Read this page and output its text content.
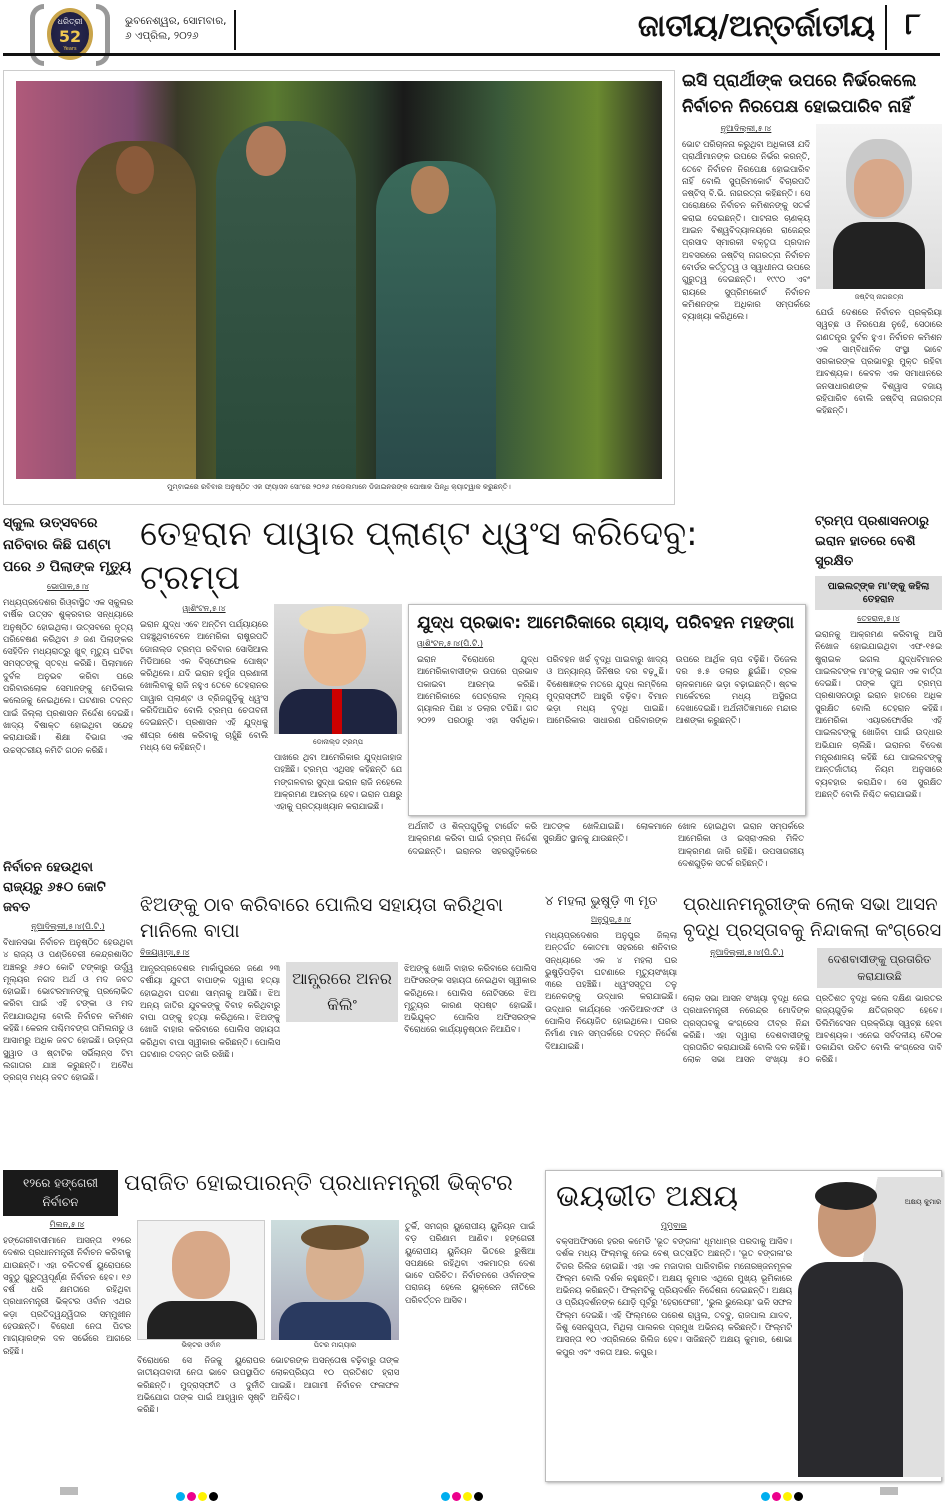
ଧରିତ୍ରୀ
52
Years
ଭୁବନେଶ୍ୱର, ସୋମବାର,
୬ ଏପ୍ରିଲ, ୨୦୨୬	ଜାତୀୟ/ଅନ୍ତର୍ଜାତୀୟ ୮
ମୁମ୍ବାଇରେ ରବିବାର ଅନୁଷ୍ଠିତ ଏକ ଫ୍ୟାସନ ସୋ'ରେ ୨୦୨୬ ମଡେଲମାନେ ଡିଜାଇନରଙ୍କ ପୋଷାକ ପିନ୍ଧି କ୍ୟାଟ୍‌ୱାକ କରୁଛନ୍ତି।
ଇସି ପ୍ରାର୍ଥୀଙ୍କ ଉପରେ ନିର୍ଭରକଲେ
ନିର୍ବାଚନ ନିରପେକ୍ଷ ହୋଇପାରିବ ନାହିଁ
ନୂଆଦିଲ୍ଲୀ,୫।୪
ଭୋଟ ପରିଚାଳନା କରୁଥିବା ଅଧିକାରୀ ଯଦି ପ୍ରାର୍ଥୀମାନଙ୍କ ଉପରେ ନିର୍ଭର କରନ୍ତି, ତେବେ ନିର୍ବାଚନ ନିରପେକ୍ଷ ହୋଇପାରିବ ନାହିଁ ବୋଲି ସୁପ୍ରିମକୋର୍ଟ ବିଚାରପତି ଜଷ୍ଟିସ୍ ବି.ଭି. ନାଗରତ୍ନା କହିଛନ୍ତି। ସେ ପରୋକ୍ଷରେ ନିର୍ବାଚନ କମିଶନଙ୍କୁ ସତର୍କ କରାଇ ଦେଇଛନ୍ତି। ପାଟନାର ଚାଣକ୍ୟ ଆଇନ ବିଶ୍ୱବିଦ୍ୟାଳୟରେ ରାଜେନ୍ଦ୍ର ପ୍ରସାଦ ସ୍ମାରକୀ ବକ୍ତୃତା ପ୍ରଦାନ ଅବସରରେ ଜଷ୍ଟିସ୍ ନାଗରତ୍ନା ନିର୍ବାଚନ ବୋର୍ଡର କର୍ତ୍ତୃତ୍ୱ ଓ ସ୍ୱାଧୀନତା ଉପରେ ଗୁରୁତ୍ୱ ଦେଇଛନ୍ତି। ୧୯୯୦ ଏବଂ ରାୟରେ ସୁପ୍ରିମକୋର୍ଟ ନିର୍ବାଚନ କମିଶନଙ୍କ ଅଧିକାର ସମ୍ପର୍କରେ ବ୍ୟାଖ୍ୟା କରିଥିଲେ।
ଜଷ୍ଟିସ୍ ନାଗରତ୍ନା
ଯେଉଁ ଦେଶରେ ନିର୍ବାଚନ ପ୍ରକ୍ରିୟା ସ୍ୱଚ୍ଛ ଓ ନିରପେକ୍ଷ ନୁହେଁ, ସେଠାରେ ଗଣତନ୍ତ୍ର ଦୁର୍ବଳ ହୁଏ। ନିର୍ବାଚନ କମିଶନ ଏକ ସାମ୍ବିଧାନିକ ସଂସ୍ଥା ଭାବେ ସରକାରଙ୍କ ପ୍ରଭାବରୁ ମୁକ୍ତ ରହିବା ଆବଶ୍ୟକ। କେବଳ ଏକ ସମାଧାନରେ ଜନସାଧାରଣଙ୍କ ବିଶ୍ୱାସ ବଜାୟ ରହିପାରିବ ବୋଲି ଜଷ୍ଟିସ୍ ନାଗରତ୍ନା କହିଛନ୍ତି।
ସ୍କୁଲ ଉତ୍ସବରେ ନାଚିବାର କିଛି ଘଣ୍ଟା ପରେ ୬ ପିଲାଙ୍କ ମୃତ୍ୟୁ
ଭୋପାଳ,୫।୪
ମଧ୍ୟପ୍ରଦେଶର ରିଓ୍ବାସ୍ଥିତ ଏକ ସ୍କୁଲର ବାର୍ଷିକ ଉତ୍ସବ ଶୁକ୍ରବାର ସନ୍ଧ୍ୟାରେ ଅନୁଷ୍ଠିତ ହୋଇଥିଲା। ଉତ୍ସବରେ ନୃତ୍ୟ ପରିବେଷଣ କରିଥିବା ୬ ଜଣ ପିଲାଙ୍କର ସେହିଦିନ ମଧ୍ୟରାତ୍ରୁ ଖୁବ୍ ମୃତ୍ୟୁ ଘଟିବା ସମସ୍ତଙ୍କୁ ସ୍ତବ୍ଧ କରିଛି। ପିଲାମାନେ ଦୁର୍ବଳ ଅନୁଭବ କରିବା ପରେ ପରିବାରଲୋକ ସେମାନଙ୍କୁ ମେଡିକାଲ କଲେଜକୁ ନେଇଥିଲେ। ଘଟଣାର ତଦନ୍ତ ପାଇଁ ଜିଲ୍ଲା ପ୍ରଶାସନ ନିର୍ଦ୍ଦେଶ ଦେଇଛି। ଖାଦ୍ୟ ବିଷାକ୍ତ ହୋଇଥିବା ସନ୍ଦେହ କରାଯାଉଛି। ଶିକ୍ଷା ବିଭାଗ ଏକ ଉଚ୍ଚସ୍ତରୀୟ କମିଟି ଗଠନ କରିଛି।
ତେହରାନ ପାୱାର ପ୍ଲାଣ୍ଟ ଧ୍ୱଂସ କରିଦେବୁ: ଟ୍ରମ୍ପ
ୱାଶିଂଟନ,୫।୪
ଇରାନ ଯୁଦ୍ଧ ଏବେ ଅନ୍ତିମ ପର୍ଯ୍ୟାୟରେ ପହଞ୍ଚୁଥିବାବେଳେ ଆମେରିକା ରାଷ୍ଟ୍ରପତି ଡୋନାଲ୍ଡ ଟ୍ରମ୍ପ ରବିବାର ସୋସିଆଲ ମିଡିଆରେ ଏକ ବିସ୍ଫୋରକ ପୋଷ୍ଟ କରିଥିଲେ। ଯଦି ଇରାନ ହର୍ମୁଜ ପ୍ରଣାଳୀ ଖୋଲିବାକୁ ରାଜି ନହୁଏ ତେବେ ତେହରାନର ପାୱାର ପ୍ଲାଣ୍ଟ ଓ ବ୍ରିଜଗୁଡ଼ିକୁ ଧ୍ୱଂସ କରିଦିଆଯିବ ବୋଲି ଟ୍ରମ୍ପ ଚେତାବନୀ ଦେଇଛନ୍ତି। ପ୍ରଶାସନ ଏହି ଯୁଦ୍ଧକୁ ଶୀଘ୍ର ଶେଷ କରିବାକୁ ଚାହୁଁଛି ବୋଲି ମଧ୍ୟ ସେ କହିଛନ୍ତି।	ଡୋନାଲ୍ଡ ଟ୍ରମ୍ପ
ପାଖରେ ଥିବା ଆମେରିକାର ଯୁଦ୍ଧଜାହାଜ ପହଞ୍ଚିଛି। ଟ୍ରମ୍ପ ଏଥିସହ କହିଛନ୍ତି ଯେ ମଙ୍ଗଳବାର ସୁଦ୍ଧା ଇରାନ ରାଜି ନହେଲେ ଆକ୍ରମଣ ଆରମ୍ଭ ହେବ। ଇରାନ ପକ୍ଷରୁ ଏହାକୁ ପ୍ରତ୍ୟାଖ୍ୟାନ କରାଯାଇଛି।
ଯୁଦ୍ଧ ପ୍ରଭାବ: ଆମେରିକାରେ ଗ୍ୟାସ୍, ପରିବହନ ମହଙ୍ଗା
ୱାଶିଂଟନ,୫।୪(ପି.ଟି.)
ଇରାନ ବିରୋଧରେ ଯୁଦ୍ଧ ଆମେରିକାବାସୀଙ୍କ ଉପରେ ପ୍ରଭାବ ପକାଇବା ଆରମ୍ଭ କରିଛି। ଆମେରିକାରେ ପେଟ୍ରୋଲ ମୂଲ୍ୟ ଗ୍ୟାଲନ ପିଛା ୪ ଡଲାର ଟପିଛି। ଗତ ୨୦୨୨ ପରଠାରୁ ଏହା ସର୍ବାଧିକ। ପରିବହନ ଖର୍ଚ୍ଚ ବୃଦ୍ଧି ପାଇବାରୁ ଖାଦ୍ୟ ଓ ଅନ୍ୟାନ୍ୟ ଜିନିଷର ଦର ବଢ଼ୁଛି। ବିଶେଷଜ୍ଞଙ୍କ ମତରେ ଯୁଦ୍ଧ ଲମ୍ବିଲେ ମୁଦ୍ରାସ୍ଫୀତି ଆହୁରି ବଢ଼ିବ। ବିମାନ ଭଡ଼ା ମଧ୍ୟ ବୃଦ୍ଧି ପାଇଛି। ଆମେରିକାର ସାଧାରଣ ପରିବାରଙ୍କ ଉପରେ ଆର୍ଥିକ ଚାପ ବଢ଼ିଛି। ଡିଜେଲ ଦର ୫.୫ ଡଲାର ଛୁଇଁଛି। ଟ୍ରକ ଚାଳକମାନେ ଭଡ଼ା ବଢ଼ାଇଛନ୍ତି। ଷ୍ଟକ ମାର୍କେଟରେ ମଧ୍ୟ ଅସ୍ଥିରତା ଦେଖାଦେଇଛି। ଅର୍ଥନୀତିଜ୍ଞମାନେ ମନ୍ଦାର ଆଶଙ୍କା କରୁଛନ୍ତି।
ଅର୍ଥନୀତି ଓ ଶିଳ୍ପଗୁଡ଼ିକୁ ଟାର୍ଗେଟ କରି ଆକ୍ରମଣ କରିବା ପାଇଁ ଟ୍ରମ୍ପ ନିର୍ଦ୍ଦେଶ ଦେଇଛନ୍ତି। ଇରାନର ସହରଗୁଡ଼ିକରେ ଆତଙ୍କ ଖେଳିଯାଇଛି। ଲୋକମାନେ ସୁରକ୍ଷିତ ସ୍ଥାନକୁ ଯାଉଛନ୍ତି।
ଖୋଳ ହୋଇଥିବା ଇରାନ ସମ୍ପର୍କରେ ଆମେରିକା ଓ ଇସ୍ରାଏଲର ମିଳିତ ଆକ୍ରମଣ ଜାରି ରହିଛି। ଉପସାଗରୀୟ ଦେଶଗୁଡ଼ିକ ସତର୍କ ରହିଛନ୍ତି।
ଟ୍ରମ୍ପ ପ୍ରଶାସନଠାରୁ ଇରାନ ହାତରେ ବେଶି ସୁରକ୍ଷିତ
ପାଇଲଟ୍‌ଙ୍କ ମା'ଙ୍କୁ କହିଲା ତେହରାନ
ତେହରାନ,୫।୪
ଇରାନକୁ ଆକ୍ରମଣ କରିବାକୁ ଆସି ନିଖୋଜ ହୋଇଯାଇଥିବା ଏଫ-୧୫ଇ ଷ୍ଟ୍ରାଇକ ଇଗଲ ଯୁଦ୍ଧବିମାନର ପାଇଲଟଙ୍କ ମା'ଙ୍କୁ ଇରାନ ଏକ ବାର୍ତ୍ତା ଦେଇଛି। ତାଙ୍କ ପୁଅ ଟ୍ରମ୍ପ ପ୍ରଶାସନଠାରୁ ଇରାନ ହାତରେ ଅଧିକ ସୁରକ୍ଷିତ ବୋଲି ତେହରାନ କହିଛି। ଆମେରିକା ଏୟାରଫୋର୍ସର ଏହି ପାଇଲଟଙ୍କୁ ଖୋଜିବା ପାଇଁ ଉଦ୍ଧାର ଅଭିଯାନ ଚାଲିଛି। ଇରାନର ବିଦେଶ ମନ୍ତ୍ରଣାଳୟ କହିଛି ଯେ ପାଇଲଟଙ୍କୁ ଆନ୍ତର୍ଜାତୀୟ ନିୟମ ଅନୁସାରେ ବ୍ୟବହାର କରାଯିବ। ସେ ସୁରକ୍ଷିତ ଅଛନ୍ତି ବୋଲି ନିଶ୍ଚିତ କରାଯାଇଛି।
ନିର୍ବାଚନ ହେଉଥିବା ରାଜ୍ୟରୁ ୬୫୦ କୋଟି ଜବତ
ନୂଆଦିଲ୍ଲୀ,୫।୪(ପି.ଟି.)
ବିଧାନସଭା ନିର୍ବାଚନ ଅନୁଷ୍ଠିତ ହେଉଥିବା ୪ ରାଜ୍ୟ ଓ ପଣ୍ଡିଚେରୀ କେନ୍ଦ୍ରଶାସିତ ଅଞ୍ଚଳରୁ ୬୫୦ କୋଟି ଟଙ୍କାରୁ ଉର୍ଦ୍ଧ୍ୱ ମୂଲ୍ୟର ନଗଦ ଅର୍ଥ ଓ ମଦ ଜବତ ହୋଇଛି। ଭୋଟରମାନଙ୍କୁ ପ୍ରଲୋଭିତ କରିବା ପାଇଁ ଏହି ଟଙ୍କା ଓ ମଦ ନିଆଯାଉଥିଲା ବୋଲି ନିର୍ବାଚନ କମିଶନ କହିଛି। କେରଳ ପଶ୍ଚିମବଙ୍ଗ ତାମିଲନାଡୁ ଓ ଆସାମରୁ ଅଧିକ ଜବତ ହୋଇଛି। ଉଡ଼ନ୍ତା ସ୍କ୍ୱାଡ ଓ ଷ୍ଟାଟିକ ସର୍ଭିଲାନ୍ସ ଟିମ ଲଗାତାର ଯାଞ୍ଚ କରୁଛନ୍ତି। ଅବୈଧ ଡ୍ରଗ୍ସ ମଧ୍ୟ ଜବତ ହୋଇଛି।
ଝିଅଙ୍କୁ ଠାବ କରିବାରେ ପୋଲିସ ସହାୟତା କରିଥିବା ମାନିଲେ ବାପା
ବିଜୟୱାଡ଼ା,୫।୪
ଆନ୍ଧ୍ରପ୍ରଦେଶର ମାର୍କାପୁରରେ ଜଣେ ୨୩ ବର୍ଷୀୟା ଯୁବତୀ ବାପାଙ୍କ ଦ୍ୱାରା ହତ୍ୟା ହୋଇଥିବା ଘଟଣା ସାମ୍ନାକୁ ଆସିଛି। ଝିଅ ଅନ୍ୟ ଜାତିର ଯୁବକଙ୍କୁ ବିବାହ କରିଥିବାରୁ ବାପା ତାଙ୍କୁ ହତ୍ୟା କରିଥିଲେ। ଝିଅଙ୍କୁ ଖୋଜି ବାହାର କରିବାରେ ପୋଲିସ ସହାୟତା କରିଥିବା ବାପା ସ୍ୱୀକାର କରିଛନ୍ତି। ପୋଲିସ ଘଟଣାର ତଦନ୍ତ ଜାରି ରଖିଛି।
ଆନ୍ଧ୍ରରେ ଅନର କିଲିଂ
ଝିଅଙ୍କୁ ଖୋଜି ବାହାର କରିବାରେ ପୋଲିସ ଅଫିସରଙ୍କ ସହାୟତା ନେଇଥିବା ସ୍ୱୀକାର କରିଥିଲେ। ପୋଲିସ ନୋଟିସରେ ଝିଅ ମୃତ୍ୟୁର କାରଣ ସ୍ପଷ୍ଟ ହୋଇଛି। ଅଭିଯୁକ୍ତ ପୋଲିସ ଅଫିସରଙ୍କ ବିରୋଧରେ କାର୍ଯ୍ୟାନୁଷ୍ଠାନ ନିଆଯିବ।
୪ ମହଲା ଭୁଷୁଡ଼ି ୩ ମୃତ
ଅନୁପୁର,୫।୪
ମଧ୍ୟପ୍ରଦେଶର ଅନୁପୁର ଜିଲ୍ଲା ଅନ୍ତର୍ଗତ କୋତମା ସହରରେ ଶନିବାର ସନ୍ଧ୍ୟାରେ ଏକ ୪ ମହଲା ଘର ଭୁଷୁଡ଼ିପଡ଼ିବା ଘଟଣାରେ ମୃତ୍ୟୁସଂଖ୍ୟା ୩ରେ ପହଞ୍ଚିଛି। ଧ୍ୱଂସସ୍ତୂପ ତଳୁ ଅନେକଙ୍କୁ ଉଦ୍ଧାର କରାଯାଇଛି। ଉଦ୍ଧାର କାର୍ଯ୍ୟରେ ଏନଡିଆରଏଫ ଓ ପୋଲିସ ନିୟୋଜିତ ହୋଇଥିଲେ। ଘରର ନିର୍ମାଣ ମାନ ସମ୍ପର୍କରେ ତଦନ୍ତ ନିର୍ଦ୍ଦେଶ ଦିଆଯାଇଛି।
ପ୍ରଧାନମନ୍ତ୍ରୀଙ୍କ ଲୋକ ସଭା ଆସନ ବୃଦ୍ଧି ପ୍ରସ୍ତାବକୁ ନିନ୍ଦାକଲା କଂଗ୍ରେସ
ନୂଆଦିଲ୍ଲୀ,୫।୪(ପି.ଟି.)
ଦେଶବାସୀଙ୍କୁ ପ୍ରତାରିତ କରାଯାଉଛି
ଲୋକ ସଭା ଆସନ ସଂଖ୍ୟା ବୃଦ୍ଧି ନେଇ ପ୍ରଧାନମନ୍ତ୍ରୀ ନରେନ୍ଦ୍ର ମୋଦିଙ୍କ ପ୍ରସ୍ତାବକୁ କଂଗ୍ରେସ ତୀବ୍ର ନିନ୍ଦା କରିଛି। ଏହା ଦ୍ୱାରା ଦେଶବାସୀଙ୍କୁ ପ୍ରତାରିତ କରାଯାଉଛି ବୋଲି ଦଳ କହିଛି। ଲୋକ ସଭା ଆସନ ସଂଖ୍ୟା ୫୦ ପ୍ରତିଶତ ବୃଦ୍ଧି କଲେ ଦକ୍ଷିଣ ଭାରତର ରାଜ୍ୟଗୁଡ଼ିକ କ୍ଷତିଗ୍ରସ୍ତ ହେବେ। ଡିଲିମିଟେସନ ପ୍ରକ୍ରିୟା ସ୍ୱଚ୍ଛ ହେବା ଆବଶ୍ୟକ। ଏନେଇ ସର୍ବଦଳୀୟ ବୈଠକ ଡକାଯିବା ଉଚିତ ବୋଲି କଂଗ୍ରେସ ଦାବି କରିଛି।
୧୨ରେ ହଙ୍ଗେରୀ ନିର୍ବାଚନ
ପରାଜିତ ହୋଇପାରନ୍ତି ପ୍ରଧାନମନ୍ତ୍ରୀ ଭିକ୍ଟର
ମିଲନ,୫।୪
ହଙ୍ଗେରୀବାସୀମାନେ ଆସନ୍ତା ୧୨ରେ ଦେଶର ପ୍ରଧାନମନ୍ତ୍ରୀ ନିର୍ବାଚନ କରିବାକୁ ଯାଉଛନ୍ତି। ଏହା ଚଳିତବର୍ଷ ୟୁରୋପରେ ସବୁଠୁ ଗୁରୁତ୍ୱପୂର୍ଣ୍ଣ ନିର୍ବାଚନ ହେବ। ୧୬ ବର୍ଷ ଧରି କ୍ଷମତାରେ ରହିଥିବା ପ୍ରଧାନମନ୍ତ୍ରୀ ଭିକ୍ଟର ଓର୍ବାନ ଏଥର କଡ଼ା ପ୍ରତିଦ୍ୱନ୍ଦ୍ୱିତାର ସମ୍ମୁଖୀନ ହେଉଛନ୍ତି। ବିରୋଧୀ ନେତା ପିଟର ମାଗ୍ୟାରଙ୍କ ଦଳ ସର୍ଭେରେ ଆଗରେ ରହିଛି।
ଭିକ୍ଟର ଓର୍ବାନ	ପିଟର ମାଗ୍ୟାର
ବିରୋଧରେ ସେ ନିଜକୁ ୟୁରୋପର ଜାତୀୟତାବାଦୀ ନେତା ଭାବେ ଉପସ୍ଥାପିତ କରିଛନ୍ତି। ମୁଦ୍ରାସ୍ଫୀତି ଓ ଦୁର୍ନୀତି ଅଭିଯୋଗ ତାଙ୍କ ପାଇଁ ଆହ୍ୱାନ ସୃଷ୍ଟି କରିଛି।
ଭୋଟରଙ୍କ ଅସନ୍ତୋଷ ବଢ଼ିବାରୁ ତାଙ୍କ ଲୋକପ୍ରିୟତା ୧୦ ପ୍ରତିଶତ ହ୍ରାସ ପାଇଛି। ଆଗାମୀ ନିର୍ବାଚନ ଫଳାଫଳ ଅନିଶ୍ଚିତ।
ତୁର୍କି, ସମଗ୍ର ୟୁରୋପୀୟ ୟୁନିୟନ ପାଇଁ ବଡ଼ ପରିଣାମ ଆଣିବ। ହଙ୍ଗେରୀ ୟୁରୋପୀୟ ୟୁନିୟନ ଭିତରେ ରୁଷିଆ ସପକ୍ଷରେ ରହିଥିବା ଏକମାତ୍ର ଦେଶ ଭାବେ ପରିଚିତ। ନିର୍ବାଚନରେ ଓର୍ବାନଙ୍କ ପରାଜୟ ହେଲେ ୟୁକ୍ରେନ ନୀତିରେ ପରିବର୍ତ୍ତନ ଆସିବ।
ଭୟଭୀତ ଅକ୍ଷୟ
ମୁମ୍ବାଇ
ବକ୍ସଅଫିସରେ ହରର କମେଡି 'ଭୂତ ବଙ୍ଗଳା' ଧୂମଧାମ୍ର ପରଦାକୁ ଆସିବ। ଦର୍ଶକ ମଧ୍ୟ ଫିଲ୍ମକୁ ନେଇ ବେଶ୍ ଉତ୍ସାହିତ ଅଛନ୍ତି। 'ଭୂତ ବଙ୍ଗଳା'ର ଟିଜର ରିଲିଜ ହୋଇଛି। ଏହା ଏକ ମଜାଦାର ପାରିବାରିକ ମନୋରଞ୍ଜନମୂଳକ ଫିଲ୍ମ ବୋଲି ଦର୍ଶକ କହୁଛନ୍ତି। ଅକ୍ଷୟ କୁମାର ଏଥିରେ ମୁଖ୍ୟ ଭୂମିକାରେ ଅଭିନୟ କରିଛନ୍ତି। ଫିଲ୍ମଟିକୁ ପ୍ରିୟଦର୍ଶନ ନିର୍ଦ୍ଦେଶନା ଦେଇଛନ୍ତି। ଅକ୍ଷୟ ଓ ପ୍ରିୟଦର୍ଶନଙ୍କ ଯୋଡ଼ି ପୂର୍ବରୁ 'ହେରାଫେରୀ', 'ଭୁଲ ଭୁଲେୟା' ଭଳି ସଫଳ ଫିଲ୍ମ ଦେଇଛି। ଏହି ଫିଲ୍ମରେ ପରେଶ ରାୱଲ, ତବ୍ବୁ, ରାଜପାଲ ଯାଦବ, ଜିଶୁ ସେନଗୁପ୍ତା, ମିଥିଲା ପାଲକର ପ୍ରମୁଖ ଅଭିନୟ କରିଛନ୍ତି। ଫିଲ୍ମଟି ଆସନ୍ତା ୧୦ ଏପ୍ରିଲରେ ରିଲିଜ ହେବ। ସାଜିଛନ୍ତି ଅକ୍ଷୟ କୁମାର, ଶୋଭା କପୁର ଏବଂ ଏକତା ଆର. କପୁର।
ଅକ୍ଷୟ କୁମାର
